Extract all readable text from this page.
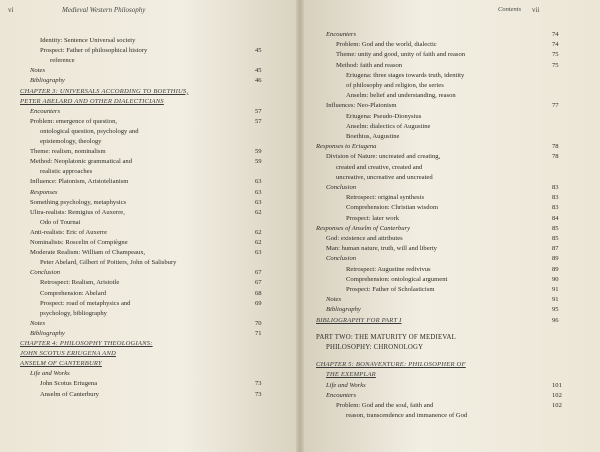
vi	Medieval Western Philosophy
Identity: Sentence Universal society
Prospect: Father of philosophical history	45
reference
Notes	45
Bibliography	46
CHAPTER 3: UNIVERSALS ACCORDING TO BOETHIUS,
PETER ABELARD AND OTHER DIALECTICIANS
Encounters	57
Problem: emergence of question,	57
ontological question, psychology and
epistemology, theology
Theme: realism, nominalism	59
Method: Neoplatonic grammatical and	59
realistic approaches
Influence: Platonism, Aristotelianism	63
Responses	63
Something psychology, metaphysics	63
Ultra-realists: Remigius of Auxerre,	62
Odo of Tournai
Anti-realists: Eric of Auxerre	62
Nominalists: Roscelin of Compiègne	62
Moderate Realism: William of Champeaux,	63
Peter Abelard, Gilbert of Poitiers, John of Salisbury
Conclusion	67
Retrospect: Realism, Aristotle	67
Comprehension: Abelard	68
Prospect: road of metaphysics and	69
psychology, bibliography
Notes	70
Bibliography	71
CHAPTER 4: PHILOSOPHY THEOLOGIANS:
JOHN SCOTUS ERIUGENA AND
ANSELM OF CANTERBURY
Life and Works
John Scotus Eriugena	73
Anselm of Canterbury	73
Contents vii
Encounters	74
Problem: God and the world, dialectic	74
Theme: unity and good, unity of faith and reason	75
Method: faith and reason	75
Eriugena: three stages towards truth, identity
of philosophy and religion, the series
Anselm: belief and understanding, reason
Influences: Neo-Platonism	77
Eriugena: Pseudo-Dionysius
Anselm: dialectics of Augustine
Boethius, Augustine
Responses to Eriugena	78
Division of Nature: uncreated and creating,	78
created and creative, created and
uncreative, uncreative and uncreated
Conclusion	83
Retrospect: original synthesis	83
Comprehension: Christian wisdom	83
Prospect: later work	84
Responses of Anselm of Canterbury	85
God: existence and attributes	85
Man: human nature, truth, will and liberty	87
Conclusion	89
Retrospect: Augustine redivivus	89
Comprehension: ontological argument	90
Prospect: Father of Scholasticism	91
Notes	91
Bibliography	95
BIBLIOGRAPHY FOR PART I	96
PART TWO: THE MATURITY OF MEDIEVAL
PHILOSOPHY: CHRONOLOGY
CHAPTER 5: BONAVENTURE: PHILOSOPHER OF
THE EXEMPLAR
Life and Works	101
Encounters	102
Problem: God and the soul, faith and	102
reason, transcendence and immanence of God
